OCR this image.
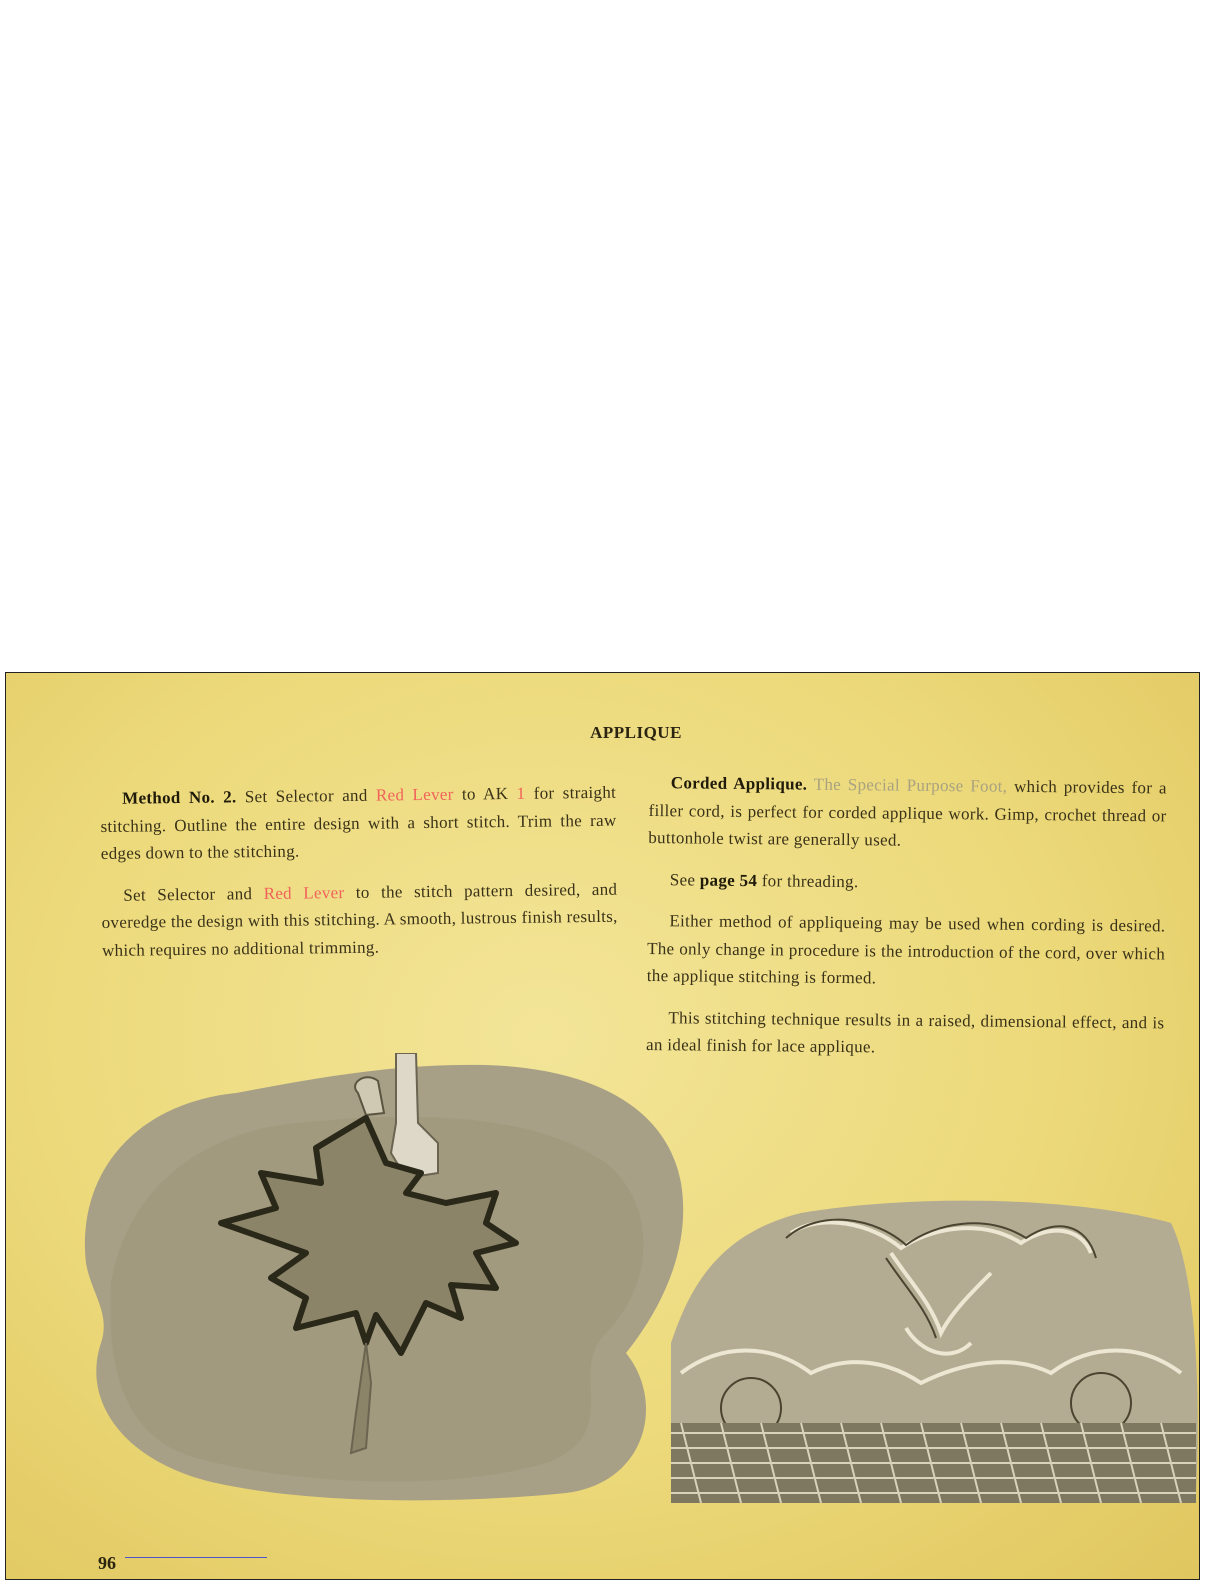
APPLIQUE

Method No. 2. Set Selector and Red Lever to AK 1 for straight stitching. Outline the entire design with a short stitch. Trim the raw edges down to the stitching.

Set Selector and Red Lever to the stitch pattern desired, and overedge the design with this stitching. A smooth, lustrous finish results, which requires no additional trimming.

Corded Applique. The Special Purpose Foot, which provides for a filler cord, is perfect for corded applique work. Gimp, crochet thread or buttonhole twist are generally used.

See page 54 for threading.

Either method of appliqueing may be used when cording is desired. The only change in procedure is the introduction of the cord, over which the applique stitching is formed.

This stitching technique results in a raised, dimensional effect, and is an ideal finish for lace applique.

96
